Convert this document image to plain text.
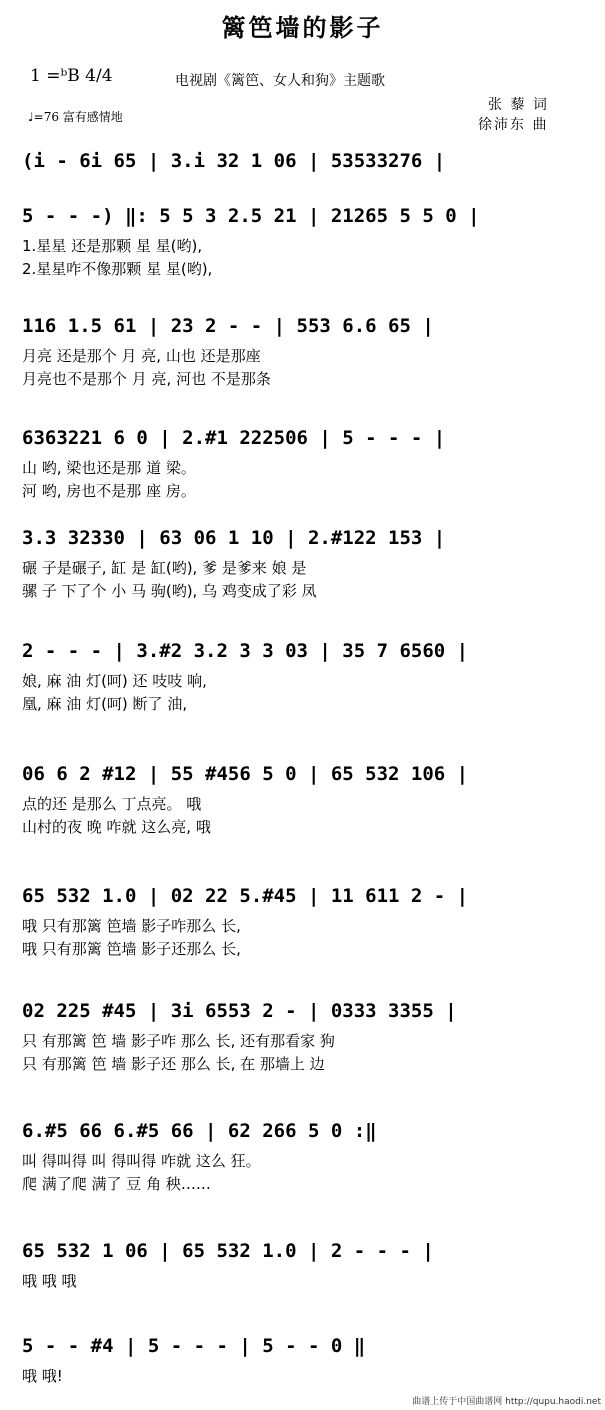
篱笆墙的影子
1 =ᵇB 4/4	电视剧《篱笆、女人和狗》主题歌
♩=76 富有感情地
张 藜 词
徐沛东 曲
(i - 6i 65 | 3.i 32 1 06 | 53533276 |
5 - - -) ‖: 5 5 3 2.5 21 | 21265 5 5 0 |
1.星星 还是那颗 星 星(哟),
2.星星咋不像那颗 星 星(哟),
116 1.5 61 | 23 2 - - | 553 6.6 65 |
月亮 还是那个 月 亮, 山也 还是那座
月亮也不是那个 月 亮, 河也 不是那条
6363221 6 0 | 2.#1 222506 | 5 - - - |
山 哟, 梁也还是那 道 梁。
河 哟, 房也不是那 座 房。
3.3 32330 | 63 06 1 10 | 2.#122 153 |
碾 子是碾子, 缸 是 缸(哟), 爹 是爹来 娘 是
骡 子 下了个 小 马 驹(哟), 乌 鸡变成了彩 凤
2 - - - | 3.#2 3.2 3 3 03 | 35 7 6560 |
娘, 麻 油 灯(呵) 还 吱吱 响,
凰, 麻 油 灯(呵) 断了 油,
06 6 2 #12 | 55 #456 5 0 | 65 532 106 |
点的还 是那么 丁点亮。 哦
山村的夜 晚 咋就 这么亮, 哦
65 532 1.0 | 02 22 5.#45 | 11 611 2 - |
哦 只有那篱 笆墙 影子咋那么 长,
哦 只有那篱 笆墙 影子还那么 长,
02 225 #45 | 3i 6553 2 - | 0333 3355 |
只 有那篱 笆 墙 影子咋 那么 长, 还有那看家 狗
只 有那篱 笆 墙 影子还 那么 长, 在 那墙上 边
6.#5 66 6.#5 66 | 62 266 5 0 :‖
叫 得叫得 叫 得叫得 咋就 这么 狂。
爬 满了爬 满了 豆 角 秧……
65 532 1 06 | 65 532 1.0 | 2 - - - |
哦 哦 哦
5 - - #4 | 5 - - - | 5 - - 0 ‖
哦 哦!
曲谱上传于中国曲谱网 http://qupu.haodi.net
